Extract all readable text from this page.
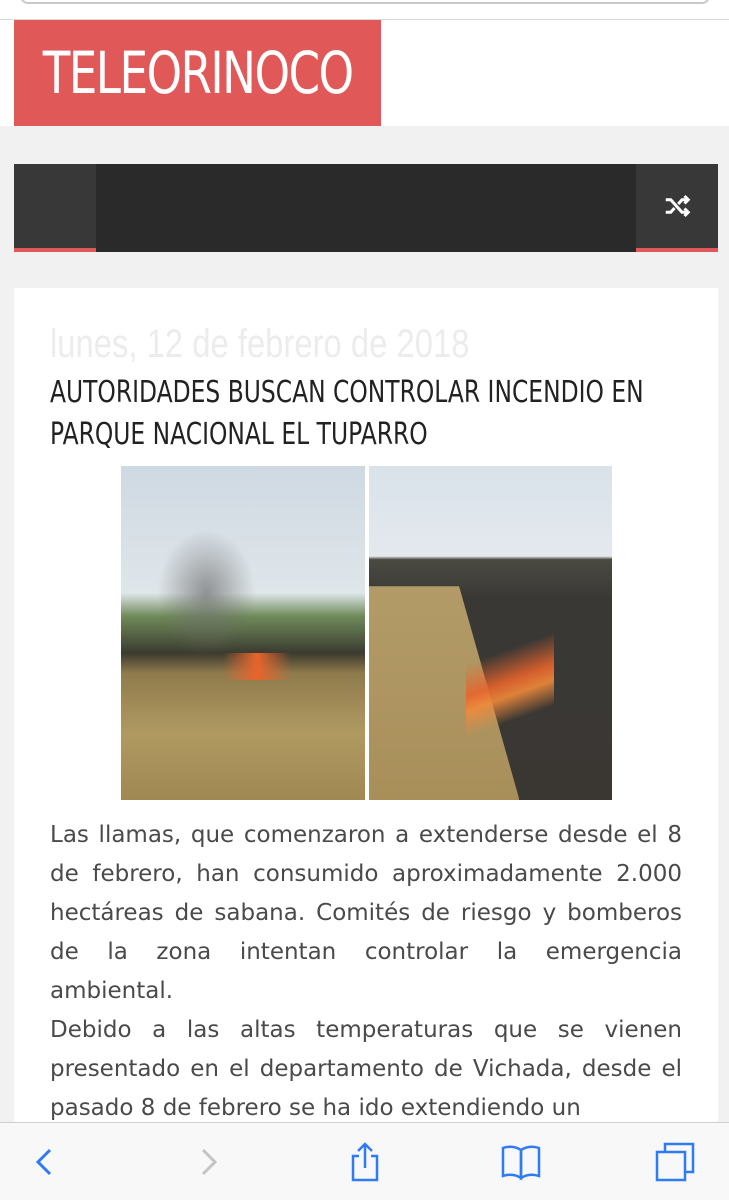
TELEORINOCO
lunes, 12 de febrero de 2018
AUTORIDADES BUSCAN CONTROLAR INCENDIO EN PARQUE NACIONAL EL TUPARRO

Las llamas, que comenzaron a extenderse desde el 8 de febrero, han consumido aproximadamente 2.000 hectáreas de sabana. Comités de riesgo y bomberos de la zona intentan controlar la emergencia ambiental.

Debido a las altas temperaturas que se vienen presentado en el departamento de Vichada, desde el pasado 8 de febrero se ha ido extendiendo un
